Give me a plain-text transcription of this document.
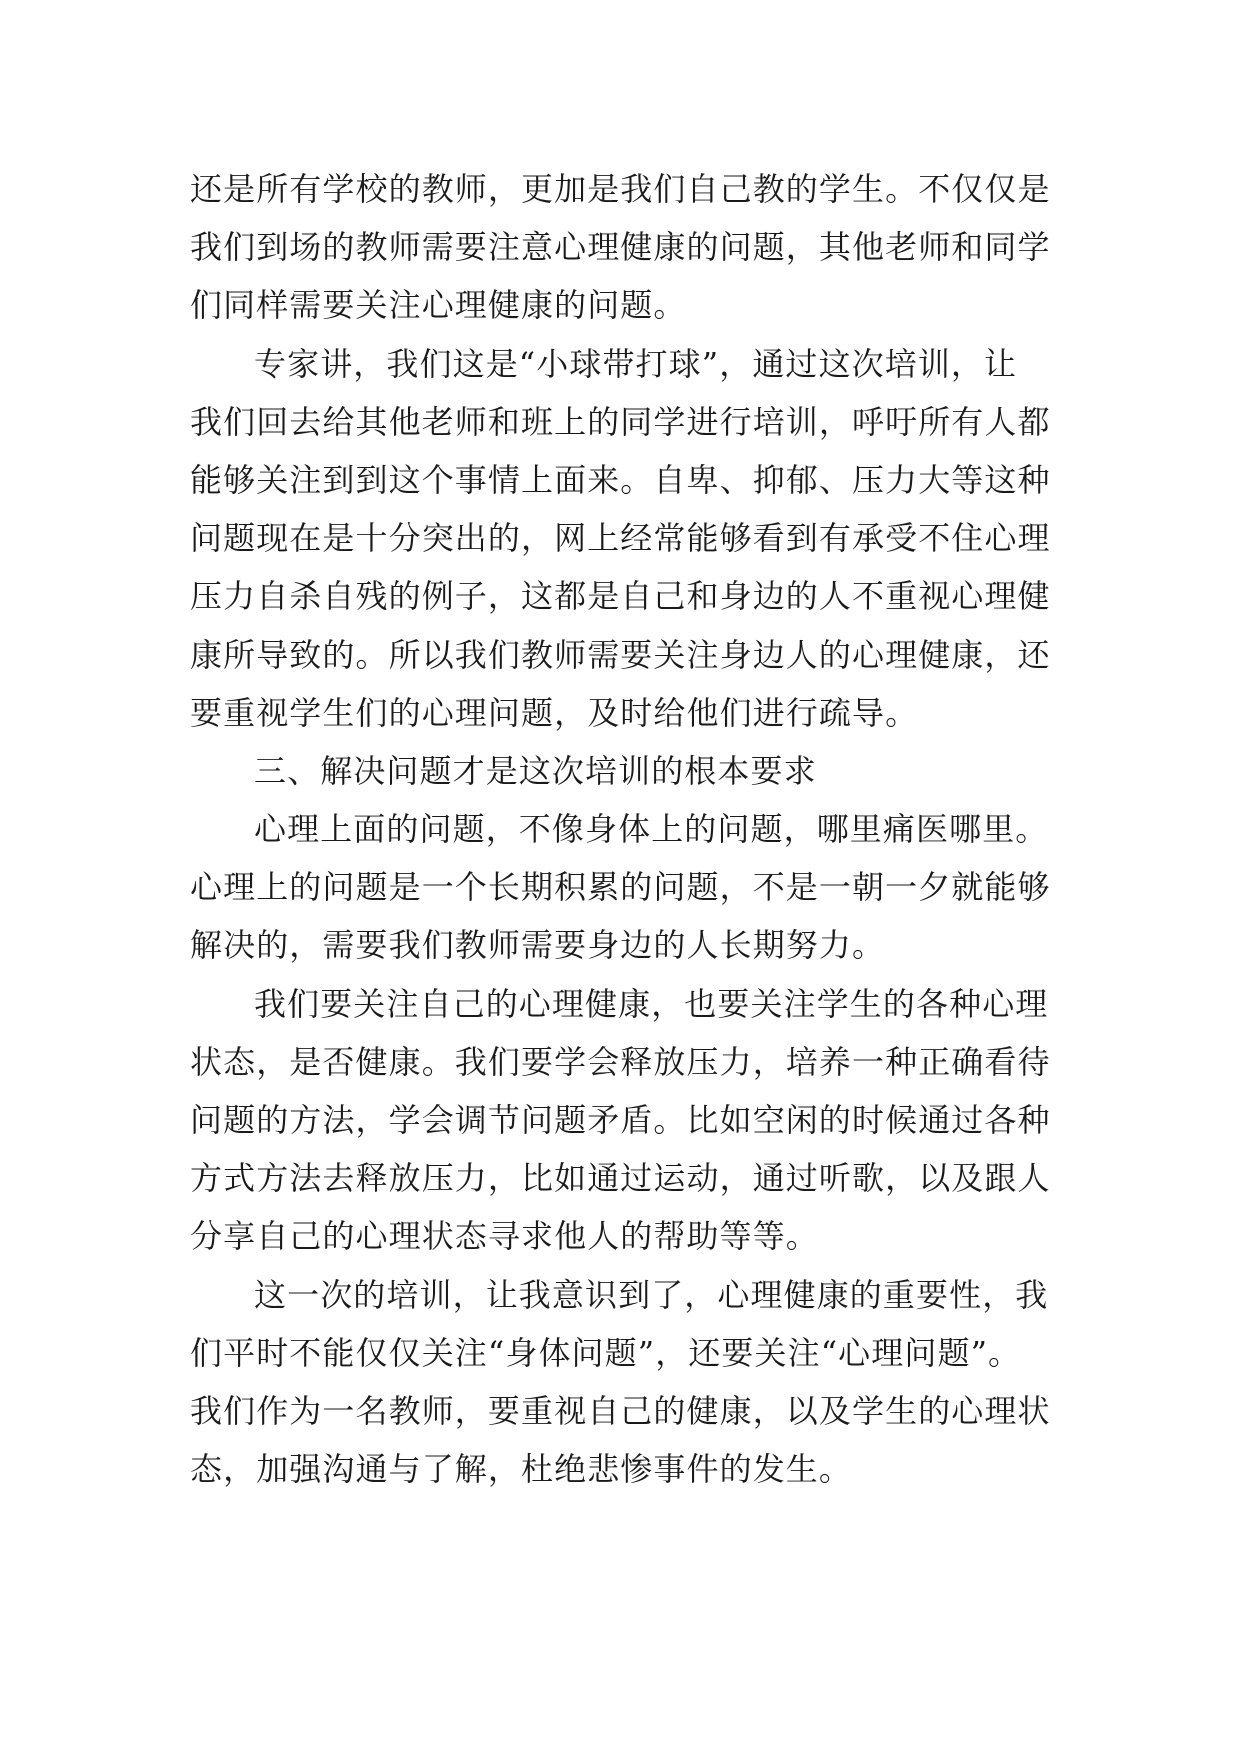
还是所有学校的教师，更加是我们自己教的学生。不仅仅是
我们到场的教师需要注意心理健康的问题，其他老师和同学
们同样需要关注心理健康的问题。
专家讲，我们这是“小球带打球”，通过这次培训，让
我们回去给其他老师和班上的同学进行培训，呼吁所有人都
能够关注到到这个事情上面来。自卑、抑郁、压力大等这种
问题现在是十分突出的，网上经常能够看到有承受不住心理
压力自杀自残的例子，这都是自己和身边的人不重视心理健
康所导致的。所以我们教师需要关注身边人的心理健康，还
要重视学生们的心理问题，及时给他们进行疏导。
三、解决问题才是这次培训的根本要求
心理上面的问题，不像身体上的问题，哪里痛医哪里。
心理上的问题是一个长期积累的问题，不是一朝一夕就能够
解决的，需要我们教师需要身边的人长期努力。
我们要关注自己的心理健康，也要关注学生的各种心理
状态，是否健康。我们要学会释放压力，培养一种正确看待
问题的方法，学会调节问题矛盾。比如空闲的时候通过各种
方式方法去释放压力，比如通过运动，通过听歌，以及跟人
分享自己的心理状态寻求他人的帮助等等。
这一次的培训，让我意识到了，心理健康的重要性，我
们平时不能仅仅关注“身体问题”，还要关注“心理问题”。
我们作为一名教师，要重视自己的健康，以及学生的心理状
态，加强沟通与了解，杜绝悲惨事件的发生。
